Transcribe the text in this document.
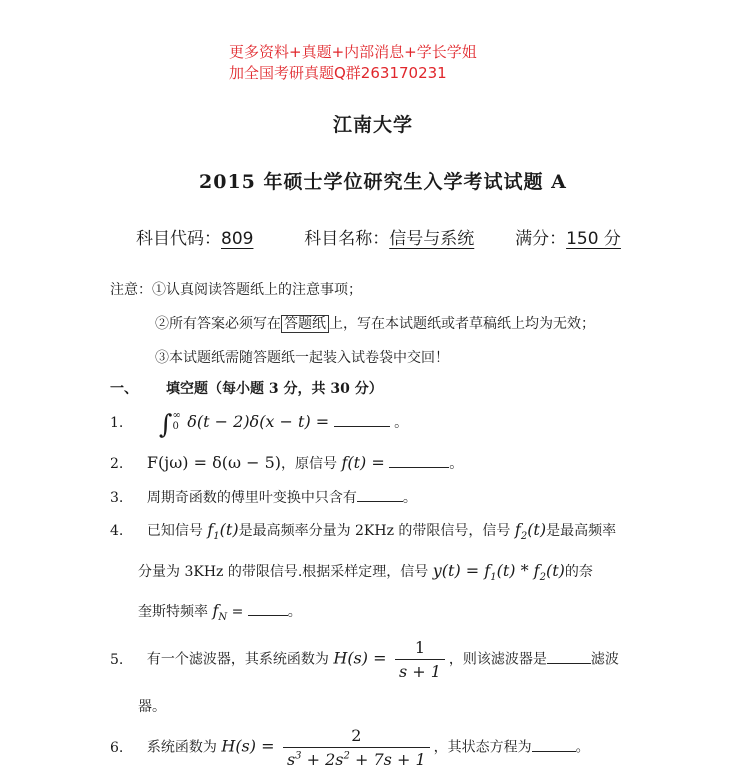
更多资料+真题+内部消息+学长学姐
加全国考研真题Q群263170231
江南大学
2015 年硕士学位研究生入学考试试题 A
科目代码：809	科目名称：信号与系统 满分：150 分
注意：①认真阅读答题纸上的注意事项；
②所有答案必须写在 答题纸 上，写在本试题纸或者草稿纸上均为无效；
③本试题纸需随答题纸一起装入试卷袋中交回！
一、 填空题（每小题 3 分，共 30 分）
1. ∫∞
0 δ(t − 2)δ(x − t) =	。
2. F(jω) = δ(ω − 5)，原信号 f(t) =	。
3. 周期奇函数的傅里叶变换中只含有	。
4. 已知信号 $f_1(t)$是最高频率分量为 2KHz 的带限信号，信号 $f_2(t)$是最高频率
分量为 3KHz 的带限信号.根据采样定理，信号 $y(t) = f_1(t) * f_2(t)$的奈
奎斯特频率 $f_N$ =	。
5. 有一个滤波器，其系统函数为 $H(s) = \frac{1}{s + 1}$ ，则该滤波器是	滤波
器。
6. 系统函数为 $H(s) = \frac{2}{s^3 + 2s^2 + 7s + 1}$ ，其状态方程为	。
